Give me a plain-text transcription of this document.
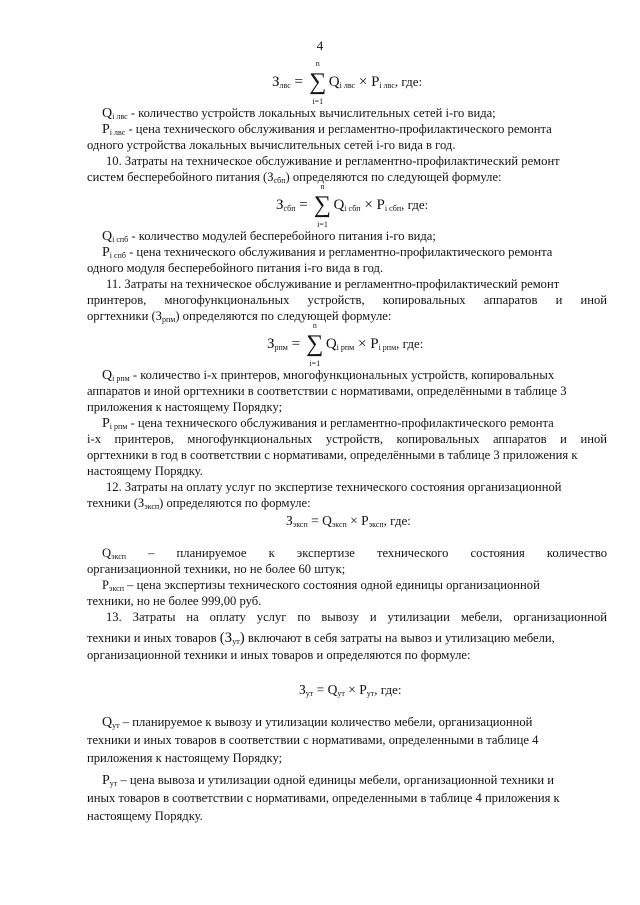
4
$З_{лвс}$ =
n
∑
i=1
$Q_{i лвс} \times P_{i лвс}$, где:
$Q_{i лвс}$ - количество устройств локальных вычислительных сетей i-го вида;
$P_{i лвс}$ - цена технического обслуживания и регламентно-профилактического ремонта
одного устройства локальных вычислительных сетей i-го вида в год.
10. Затраты на техническое обслуживание и регламентно-профилактический ремонт
систем бесперебойного питания $(З_{сбп})$ определяются по следующей формуле:
$З_{сбп}$ =
n
∑
i=1
$Q_{i сбп} \times P_{i сбп}$, где:
$Q_{i спб}$ - количество модулей бесперебойного питания i-го вида;
$P_{i спб}$ - цена технического обслуживания и регламентно-профилактического ремонта
одного модуля бесперебойного питания i-го вида в год.
11. Затраты на техническое обслуживание и регламентно-профилактический ремонт
принтеров, многофункциональных устройств, копировальных аппаратов и иной
оргтехники $(З_{рпм})$ определяются по следующей формуле:
$З_{рпм}$ =
n
∑
i=1
$Q_{i рпм} \times P_{i рпм}$, где:
$Q_{i рпм}$ - количество i-х принтеров, многофункциональных устройств, копировальных
аппаратов и иной оргтехники в соответствии с нормативами, определёнными в таблице 3
приложения к настоящему Порядку;
$P_{i рпм}$ - цена технического обслуживания и регламентно-профилактического ремонта
i-х принтеров, многофункциональных устройств, копировальных аппаратов и иной
оргтехники в год в соответствии с нормативами, определёнными в таблице 3 приложения к
настоящему Порядку.
12. Затраты на оплату услуг по экспертизе технического состояния организационной
техники $(З_{эксп})$ определяются по формуле:
$З_{эксп} = Q_{эксп} \times P_{эксп}$, где:
$Q_{эксп}$ – планируемое к экспертизе технического состояния количество
организационной техники, но не более 60 штук;
$P_{эксп}$ – цена экспертизы технического состояния одной единицы организационной
техники, но не более 999,00 руб.
13. Затраты на оплату услуг по вывозу и утилизации мебели, организационной
техники и иных товаров $(З_{ут})$ включают в себя затраты на вывоз и утилизацию мебели,
организационной техники и иных товаров и определяются по формуле:
$З_{ут} = Q_{ут} \times P_{ут}$, где:
$Q_{ут}$ – планируемое к вывозу и утилизации количество мебели, организационной
техники и иных товаров в соответствии с нормативами, определенными в таблице 4
приложения к настоящему Порядку;
$P_{ут}$ – цена вывоза и утилизации одной единицы мебели, организационной техники и
иных товаров в соответствии с нормативами, определенными в таблице 4 приложения к
настоящему Порядку.
